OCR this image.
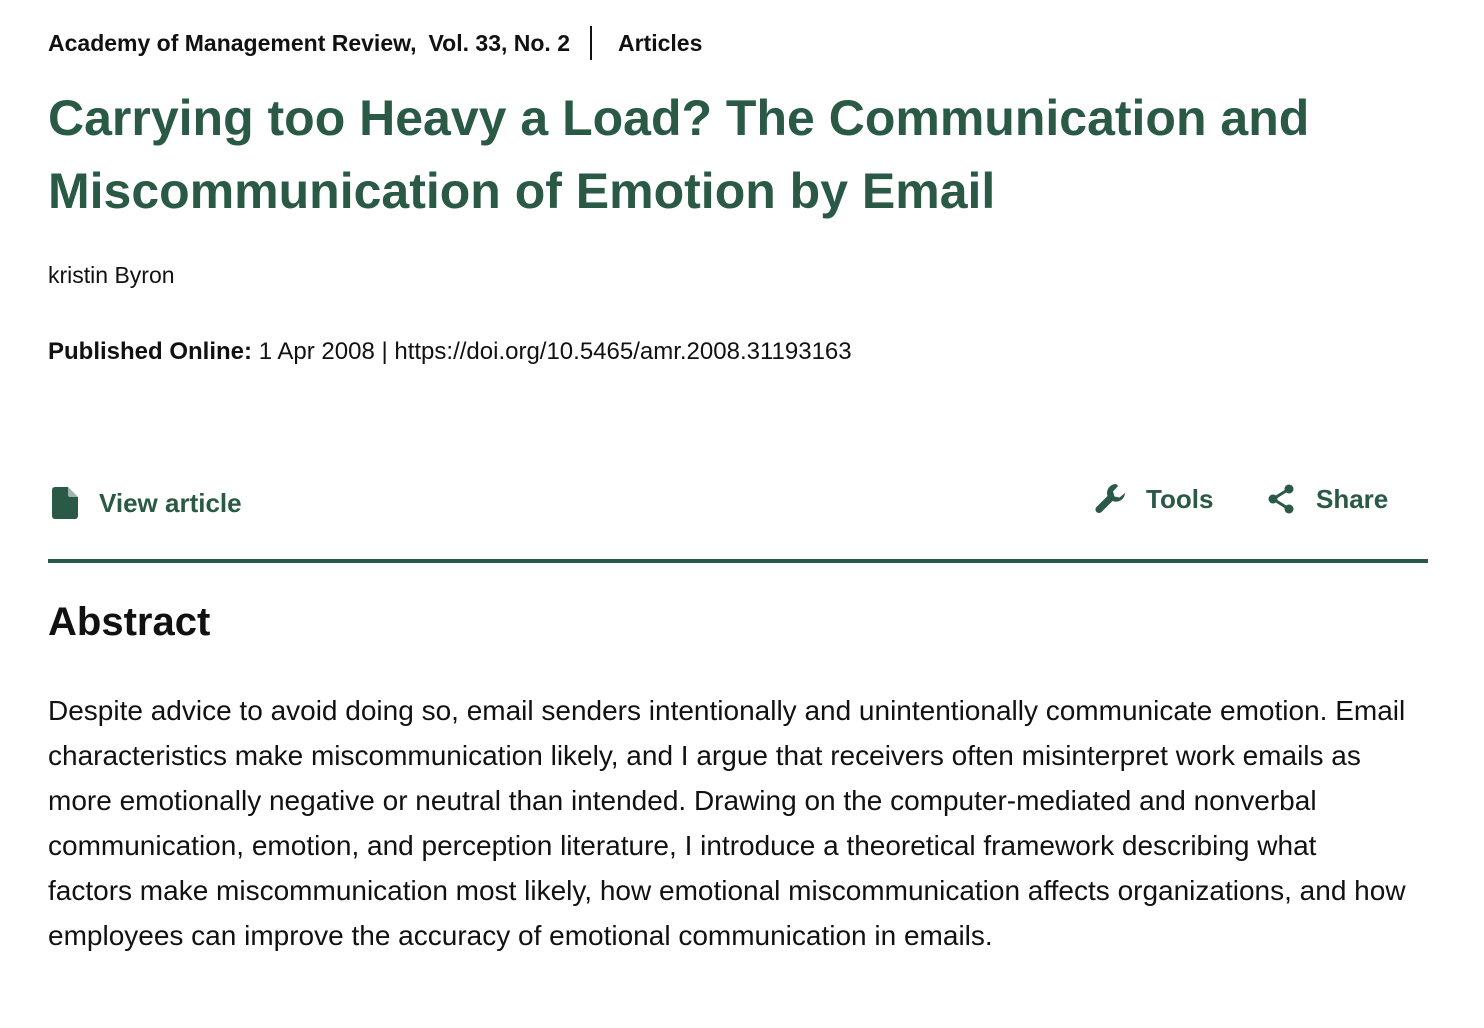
Academy of Management Review, Vol. 33, No. 2 Articles
Carrying too Heavy a Load? The Communication and Miscommunication of Emotion by Email
kristin Byron
Published Online: 1 Apr 2008 | https://doi.org/10.5465/amr.2008.31193163
View article	Tools	Share
Abstract

Despite advice to avoid doing so, email senders intentionally and unintentionally communicate emotion. Email characteristics make miscommunication likely, and I argue that receivers often misinterpret work emails as more emotionally negative or neutral than intended. Drawing on the computer-mediated and nonverbal communication, emotion, and perception literature, I introduce a theoretical framework describing what factors make miscommunication most likely, how emotional miscommunication affects organizations, and how employees can improve the accuracy of emotional communication in emails.
